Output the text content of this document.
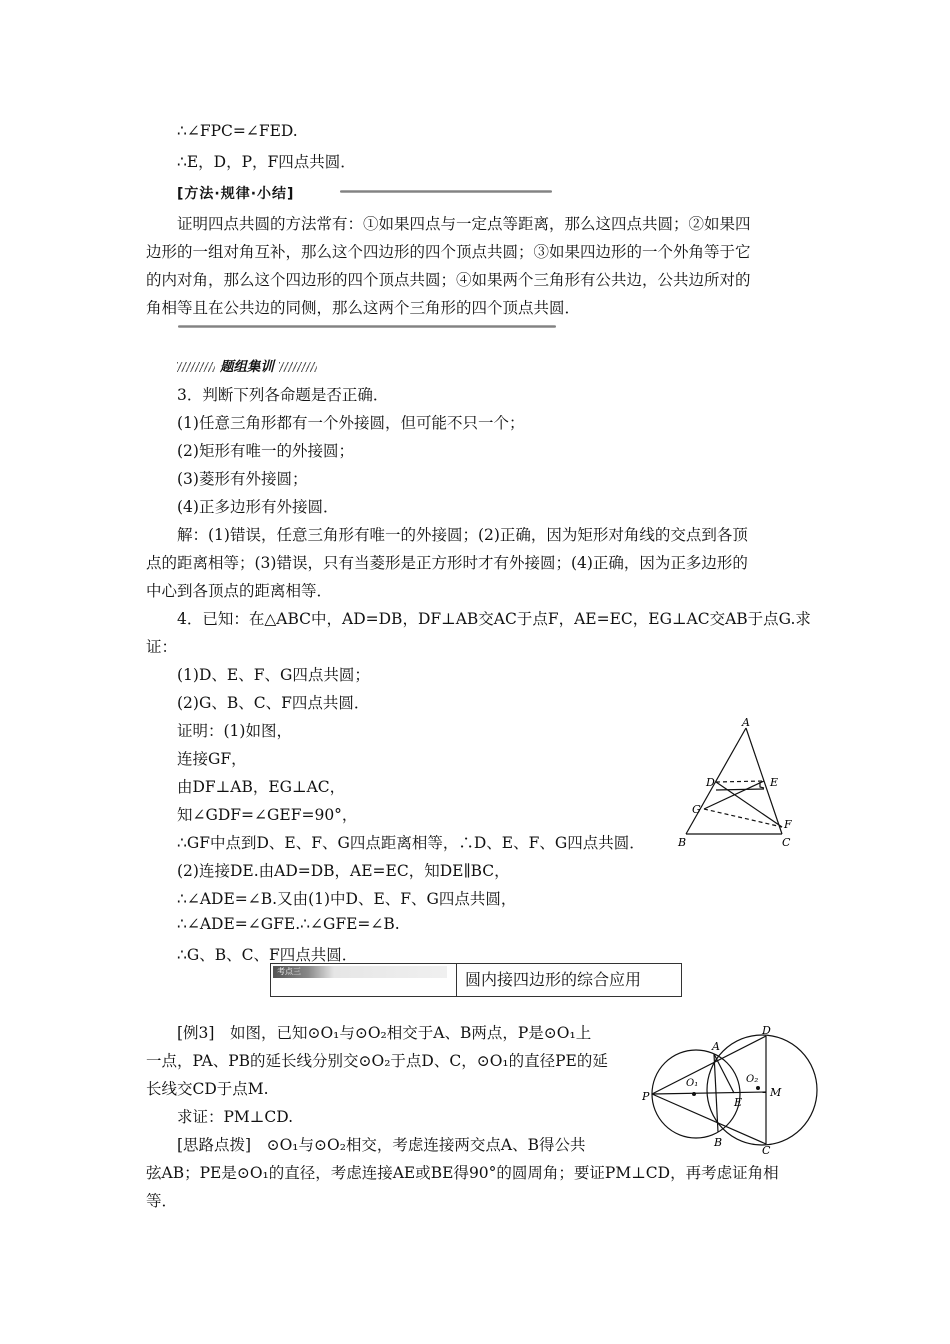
∴∠FPC=∠FED.
∴E，D，P，F四点共圆．
[方法·规律·小结]
证明四点共圆的方法常有：①如果四点与一定点等距离，那么这四点共圆；②如果四
边形的一组对角互补，那么这个四边形的四个顶点共圆；③如果四边形的一个外角等于它
的内对角，那么这个四边形的四个顶点共圆；④如果两个三角形有公共边，公共边所对的
角相等且在公共边的同侧，那么这两个三角形的四个顶点共圆．
题组集训
3．判断下列各命题是否正确．
(1)任意三角形都有一个外接圆，但可能不只一个；
(2)矩形有唯一的外接圆；
(3)菱形有外接圆；
(4)正多边形有外接圆．
解：(1)错误，任意三角形有唯一的外接圆；(2)正确，因为矩形对角线的交点到各顶
点的距离相等；(3)错误，只有当菱形是正方形时才有外接圆；(4)正确，因为正多边形的
中心到各顶点的距离相等．
4．已知：在△ABC中，AD=DB，DF⊥AB交AC于点F，AE=EC，EG⊥AC交AB于点G.求
证：
(1)D、E、F、G四点共圆；
(2)G、B、C、F四点共圆．
证明：(1)如图，
连接GF，
由DF⊥AB，EG⊥AC，
知∠GDF=∠GEF=90°，
∴GF中点到D、E、F、G四点距离相等，∴D、E、F、G四点共圆．
(2)连接DE.由AD=DB，AE=EC，知DE∥BC，
∴∠ADE=∠B.又由(1)中D、E、F、G四点共圆，
∴∠ADE=∠GFE.∴∠GFE=∠B.
∴G、B、C、F四点共圆．
A
D	E
G
F
B	C
考点三	圆内接四边形的综合应用
[例3]　如图，已知⊙O₁与⊙O₂相交于A、B两点，P是⊙O₁上
一点，PA、PB的延长线分别交⊙O₂于点D、C，⊙O₁的直径PE的延
长线交CD于点M.
求证：PM⊥CD.
[思路点拨]　⊙O₁与⊙O₂相交，考虑连接两交点A、B得公共
弦AB；PE是⊙O₁的直径，考虑连接AE或BE得90°的圆周角；要证PM⊥CD，再考虑证角相
等．
D
A
O₁	O₂
M
P	E
B
C
